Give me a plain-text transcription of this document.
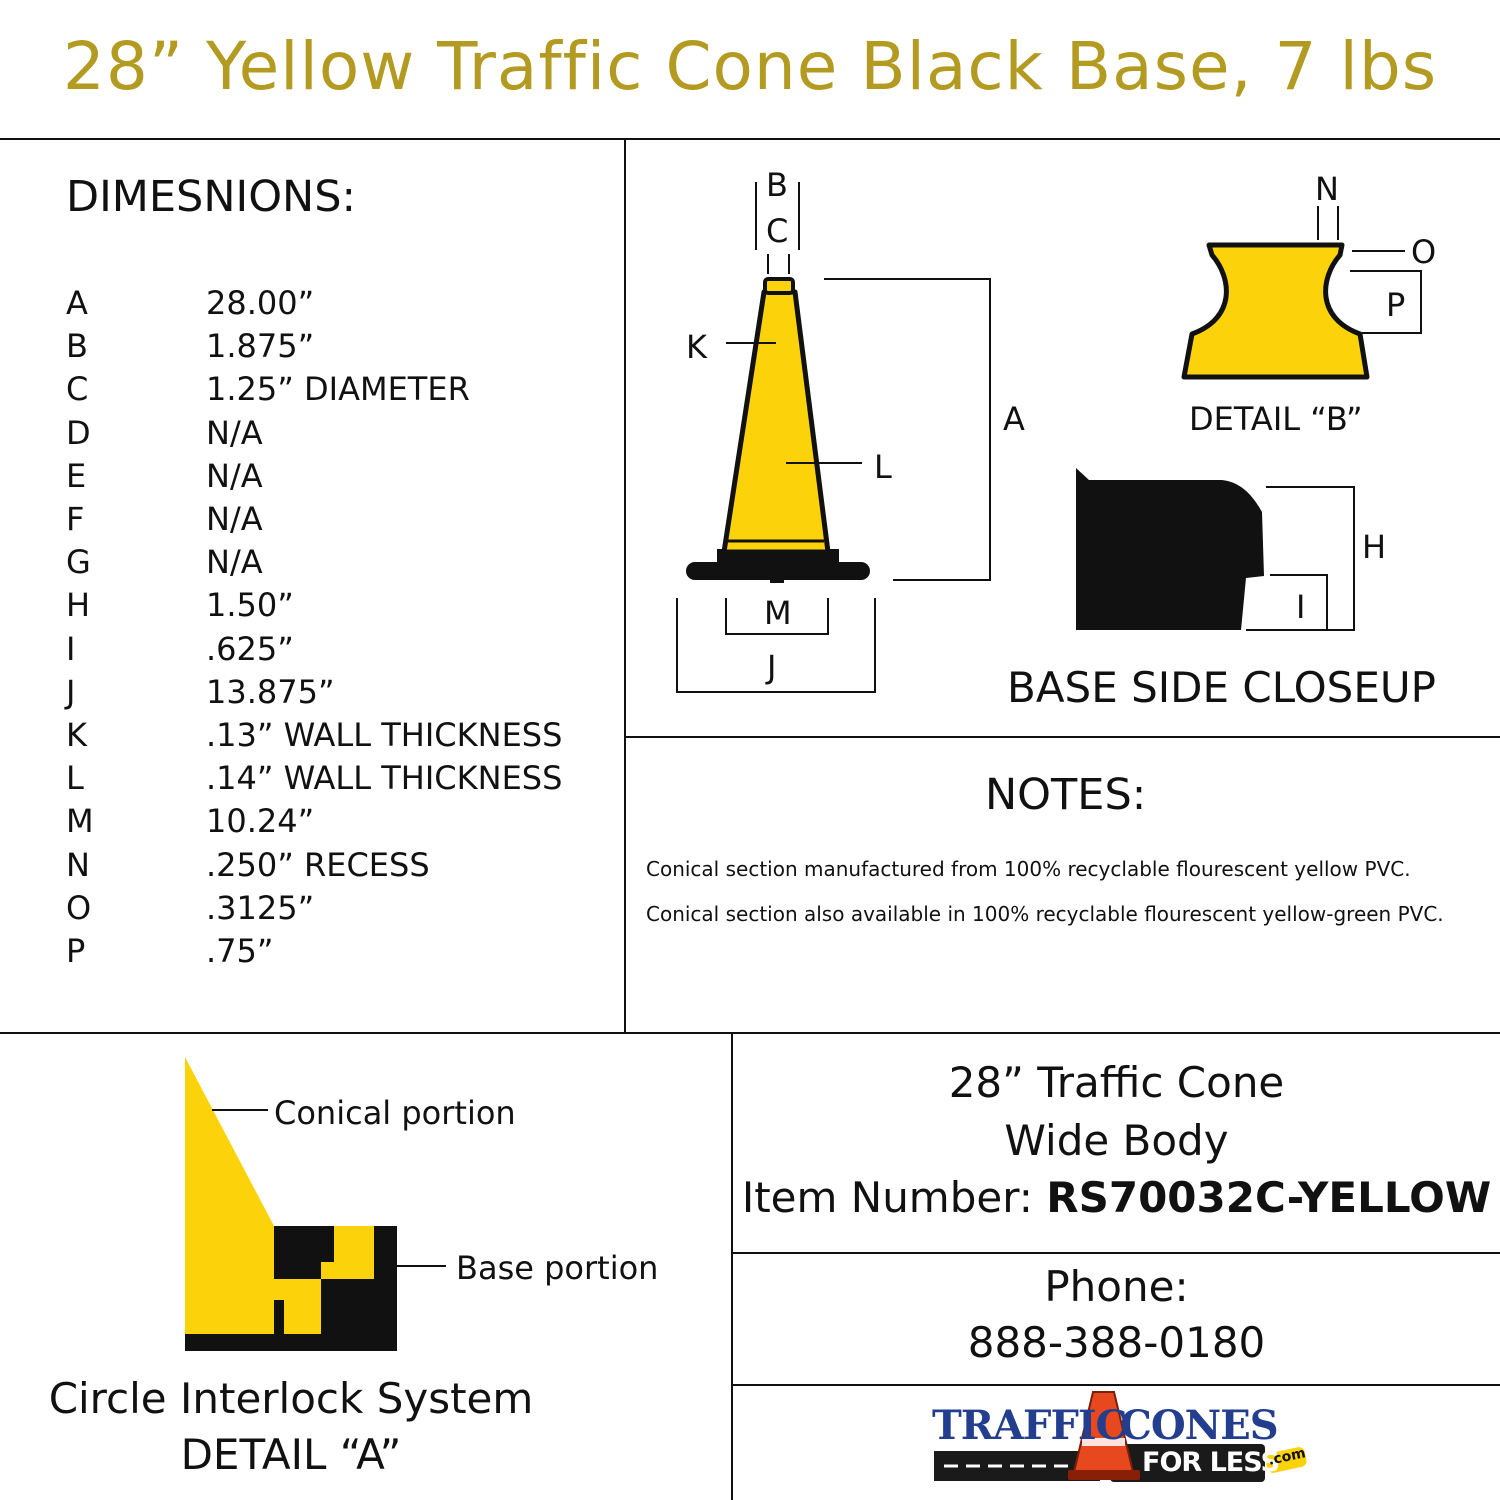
28” Yellow Traffic Cone Black Base, 7 lbs
DIMESNIONS:
A	28.00”
B	1.875”
C	1.25” DIAMETER
D	N/A
E	N/A
F	N/A
G	N/A
H	1.50”
I	.625”
J	13.875”
K	.13” WALL THICKNESS
L	.14” WALL THICKNESS
M	10.24”
N	.250” RECESS
O	.3125”
P	.75”
B
C
K
A
L
M
J
N
O
P
DETAIL “B”
H
I
BASE SIDE CLOSEUP
NOTES:
Conical section manufactured from 100% recyclable flourescent yellow PVC.
Conical section also available in 100% recyclable flourescent yellow-green PVC.
Conical portion
Base portion
Circle Interlock System
DETAIL “A”
28” Traffic Cone
Wide Body
Item Number: RS70032C-YELLOW
Phone:
888-388-0180
TRAFFIC
CONES
FOR LESS
.com
